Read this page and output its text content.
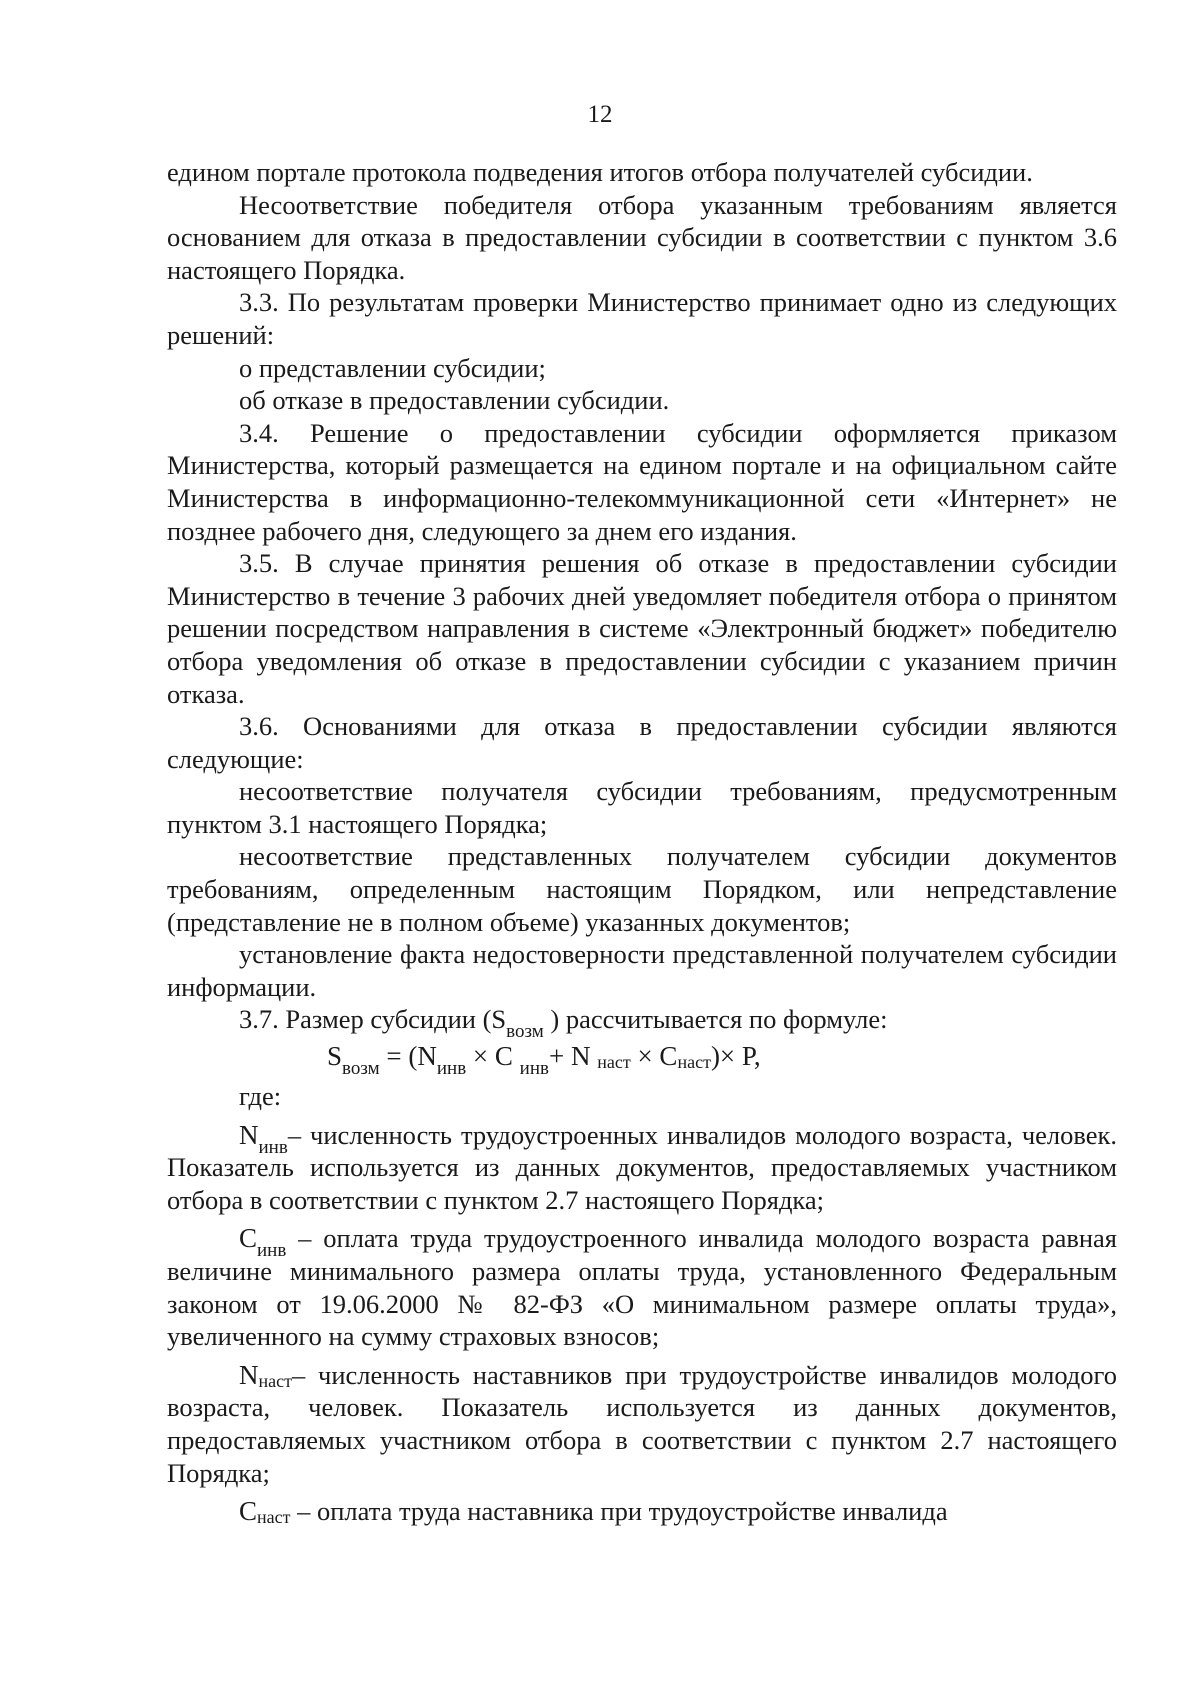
12

едином портале протокола подведения итогов отбора получателей субсидии.

Несоответствие победителя отбора указанным требованиям является основанием для отказа в предоставлении субсидии в соответствии с пунктом 3.6 настоящего Порядка.

3.3. По результатам проверки Министерство принимает одно из следующих решений:

о представлении субсидии;

об отказе в предоставлении субсидии.

3.4. Решение о предоставлении субсидии оформляется приказом Министерства, который размещается на едином портале и на официальном сайте Министерства в информационно-телекоммуникационной сети «Интернет» не позднее рабочего дня, следующего за днем его издания.

3.5. В случае принятия решения об отказе в предоставлении субсидии Министерство в течение 3 рабочих дней уведомляет победителя отбора о принятом решении посредством направления в системе «Электронный бюджет» победителю отбора уведомления об отказе в предоставлении субсидии с указанием причин отказа.

3.6. Основаниями для отказа в предоставлении субсидии являются следующие:

несоответствие получателя субсидии требованиям, предусмотренным пунктом 3.1 настоящего Порядка;

несоответствие представленных получателем субсидии документов требованиям, определенным настоящим Порядком, или непредставление (представление не в полном объеме) указанных документов;

установление факта недостоверности представленной получателем субсидии информации.

3.7. Размер субсидии ($S_{возм}$ ) рассчитывается по формуле:

$S_{возм} = (N_{инв} \times С$ $_{инв}$+ N наст × Снаст)× P,

где:

$N_{инв}-$ численность трудоустроенных инвалидов молодого возраста, человек. Показатель используется из данных документов, предоставляемых участником отбора в соответствии с пунктом 2.7 настоящего Порядка;

$С_{инв}$ – оплата труда трудоустроенного инвалида молодого возраста равная величине минимального размера оплаты труда, установленного Федеральным законом от 19.06.2000 № 82-ФЗ «О минимальном размере оплаты труда», увеличенного на сумму страховых взносов;

Nнаст– численность наставников при трудоустройстве инвалидов молодого возраста, человек. Показатель используется из данных документов, предоставляемых участником отбора в соответствии с пунктом 2.7 настоящего Порядка;

Снаст – оплата труда наставника при трудоустройстве инвалида
